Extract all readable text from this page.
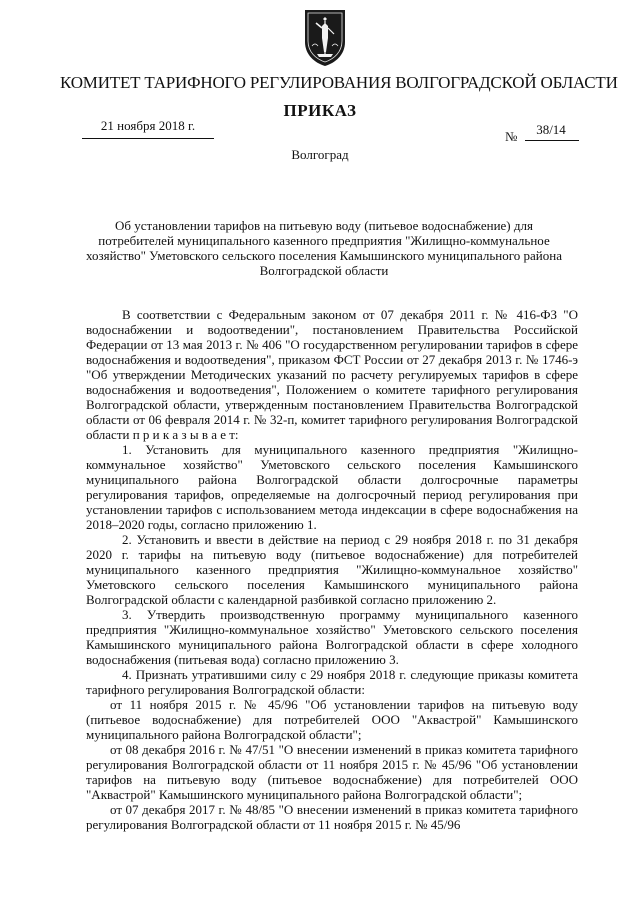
КОМИТЕТ ТАРИФНОГО РЕГУЛИРОВАНИЯ ВОЛГОГРАДСКОЙ ОБЛАСТИ
ПРИКАЗ
21 ноября 2018 г.
№	38/14
Волгоград
Об установлении тарифов на питьевую воду (питьевое водоснабжение) для потребителей муниципального казенного предприятия "Жилищно-коммунальное хозяйство" Уметовского сельского поселения Камышинского муниципального района Волгоградской области

В соответствии с Федеральным законом от 07 декабря 2011 г. № 416-ФЗ "О водоснабжении и водоотведении", постановлением Правительства Российской Федерации от 13 мая 2013 г. № 406 "О государственном регулировании тарифов в сфере водоснабжения и водоотведения", приказом ФСТ России от 27 декабря 2013 г. № 1746-э "Об утверждении Методических указаний по расчету регулируемых тарифов в сфере водоснабжения и водоотведения", Положением о комитете тарифного регулирования Волгоградской области, утвержденным постановлением Правительства Волгоградской области от 06 февраля 2014 г. № 32-п, комитет тарифного регулирования Волгоградской области п р и к а з ы в а е т:

1. Установить для муниципального казенного предприятия "Жилищно-коммунальное хозяйство" Уметовского сельского поселения Камышинского муниципального района Волгоградской области долгосрочные параметры регулирования тарифов, определяемые на долгосрочный период регулирования при установлении тарифов с использованием метода индексации в сфере водоснабжения на 2018–2020 годы, согласно приложению 1.

2. Установить и ввести в действие на период с 29 ноября 2018 г. по 31 декабря 2020 г. тарифы на питьевую воду (питьевое водоснабжение) для потребителей муниципального казенного предприятия "Жилищно-коммунальное хозяйство" Уметовского сельского поселения Камышинского муниципального района Волгоградской области с календарной разбивкой согласно приложению 2.

3. Утвердить производственную программу муниципального казенного предприятия "Жилищно-коммунальное хозяйство" Уметовского сельского поселения Камышинского муниципального района Волгоградской области в сфере холодного водоснабжения (питьевая вода) согласно приложению 3.

4. Признать утратившими силу с 29 ноября 2018 г. следующие приказы комитета тарифного регулирования Волгоградской области:

от 11 ноября 2015 г. № 45/96 "Об установлении тарифов на питьевую воду (питьевое водоснабжение) для потребителей ООО "Акваcтрой" Камышинского муниципального района Волгоградской области";

от 08 декабря 2016 г. № 47/51 "О внесении изменений в приказ комитета тарифного регулирования Волгоградской области от 11 ноября 2015 г. № 45/96 "Об установлении тарифов на питьевую воду (питьевое водоснабжение) для потребителей ООО "Акваcтрой" Камышинского муниципального района Волгоградской области";

от 07 декабря 2017 г. № 48/85 "О внесении изменений в приказ комитета тарифного регулирования Волгоградской области от 11 ноября 2015 г. № 45/96
